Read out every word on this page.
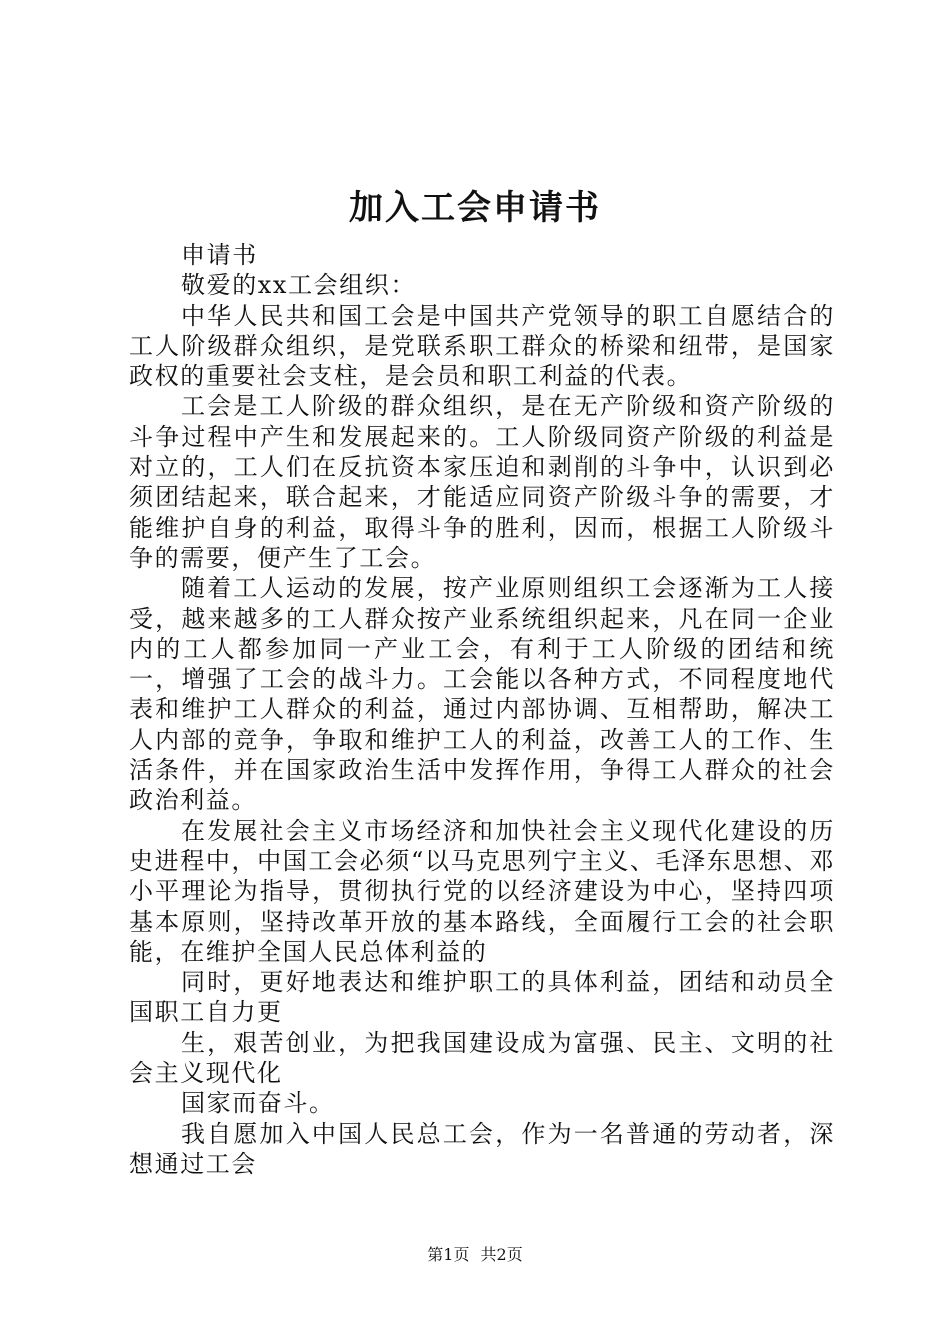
加入工会申请书

申请书

敬爱的xx工会组织：

中华人民共和国工会是中国共产党领导的职工自愿结合的工人阶级群众组织，是党联系职工群众的桥梁和纽带，是国家政权的重要社会支柱，是会员和职工利益的代表。

工会是工人阶级的群众组织，是在无产阶级和资产阶级的斗争过程中产生和发展起来的。工人阶级同资产阶级的利益是对立的，工人们在反抗资本家压迫和剥削的斗争中，认识到必须团结起来，联合起来，才能适应同资产阶级斗争的需要，才能维护自身的利益，取得斗争的胜利，因而，根据工人阶级斗争的需要，便产生了工会。

随着工人运动的发展，按产业原则组织工会逐渐为工人接受，越来越多的工人群众按产业系统组织起来，凡在同一企业内的工人都参加同一产业工会，有利于工人阶级的团结和统一，增强了工会的战斗力。工会能以各种方式，不同程度地代表和维护工人群众的利益，通过内部协调、互相帮助，解决工人内部的竞争，争取和维护工人的利益，改善工人的工作、生活条件，并在国家政治生活中发挥作用，争得工人群众的社会政治利益。

在发展社会主义市场经济和加快社会主义现代化建设的历史进程中，中国工会必须“以马克思列宁主义、毛泽东思想、邓小平理论为指导，贯彻执行党的以经济建设为中心，坚持四项基本原则，坚持改革开放的基本路线，全面履行工会的社会职能，在维护全国人民总体利益的

同时，更好地表达和维护职工的具体利益，团结和动员全国职工自力更

生，艰苦创业，为把我国建设成为富强、民主、文明的社会主义现代化

国家而奋斗。

我自愿加入中国人民总工会，作为一名普通的劳动者，深想通过工会

第1页 共2页
